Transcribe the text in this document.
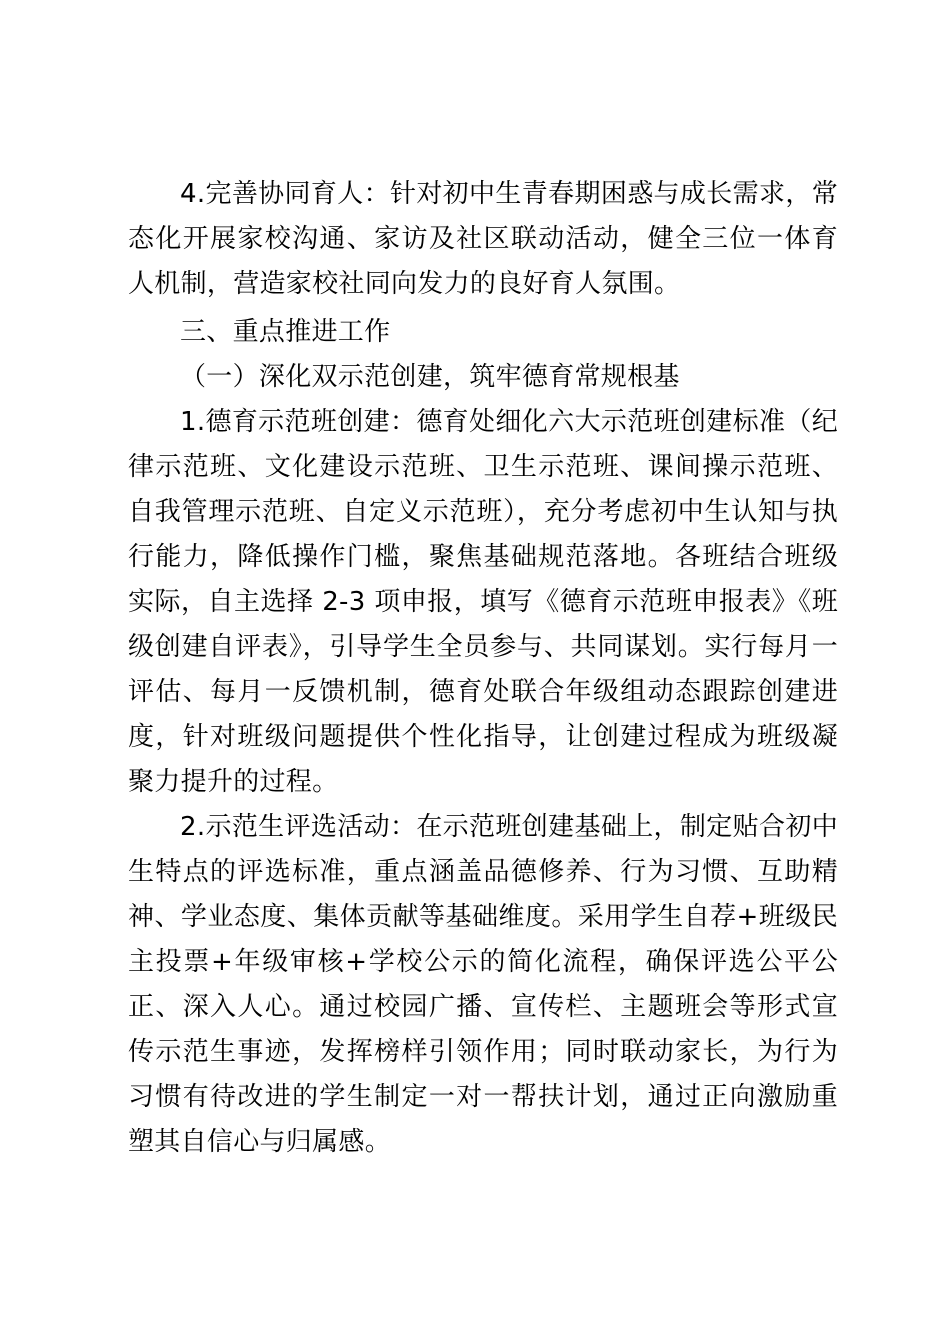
4.完善协同育人：针对初中生青春期困惑与成长需求，常态化开展家校沟通、家访及社区联动活动，健全三位一体育人机制，营造家校社同向发力的良好育人氛围。

三、重点推进工作

（一）深化双示范创建，筑牢德育常规根基

1.德育示范班创建：德育处细化六大示范班创建标准（纪律示范班、文化建设示范班、卫生示范班、课间操示范班、自我管理示范班、自定义示范班），充分考虑初中生认知与执行能力，降低操作门槛，聚焦基础规范落地。各班结合班级实际，自主选择 2-3 项申报，填写《德育示范班申报表》《班级创建自评表》，引导学生全员参与、共同谋划。实行每月一评估、每月一反馈机制，德育处联合年级组动态跟踪创建进度，针对班级问题提供个性化指导，让创建过程成为班级凝聚力提升的过程。

2.示范生评选活动：在示范班创建基础上，制定贴合初中生特点的评选标准，重点涵盖品德修养、行为习惯、互助精神、学业态度、集体贡献等基础维度。采用学生自荐+班级民主投票+年级审核+学校公示的简化流程，确保评选公平公正、深入人心。通过校园广播、宣传栏、主题班会等形式宣传示范生事迹，发挥榜样引领作用；同时联动家长，为行为习惯有待改进的学生制定一对一帮扶计划，通过正向激励重塑其自信心与归属感。
